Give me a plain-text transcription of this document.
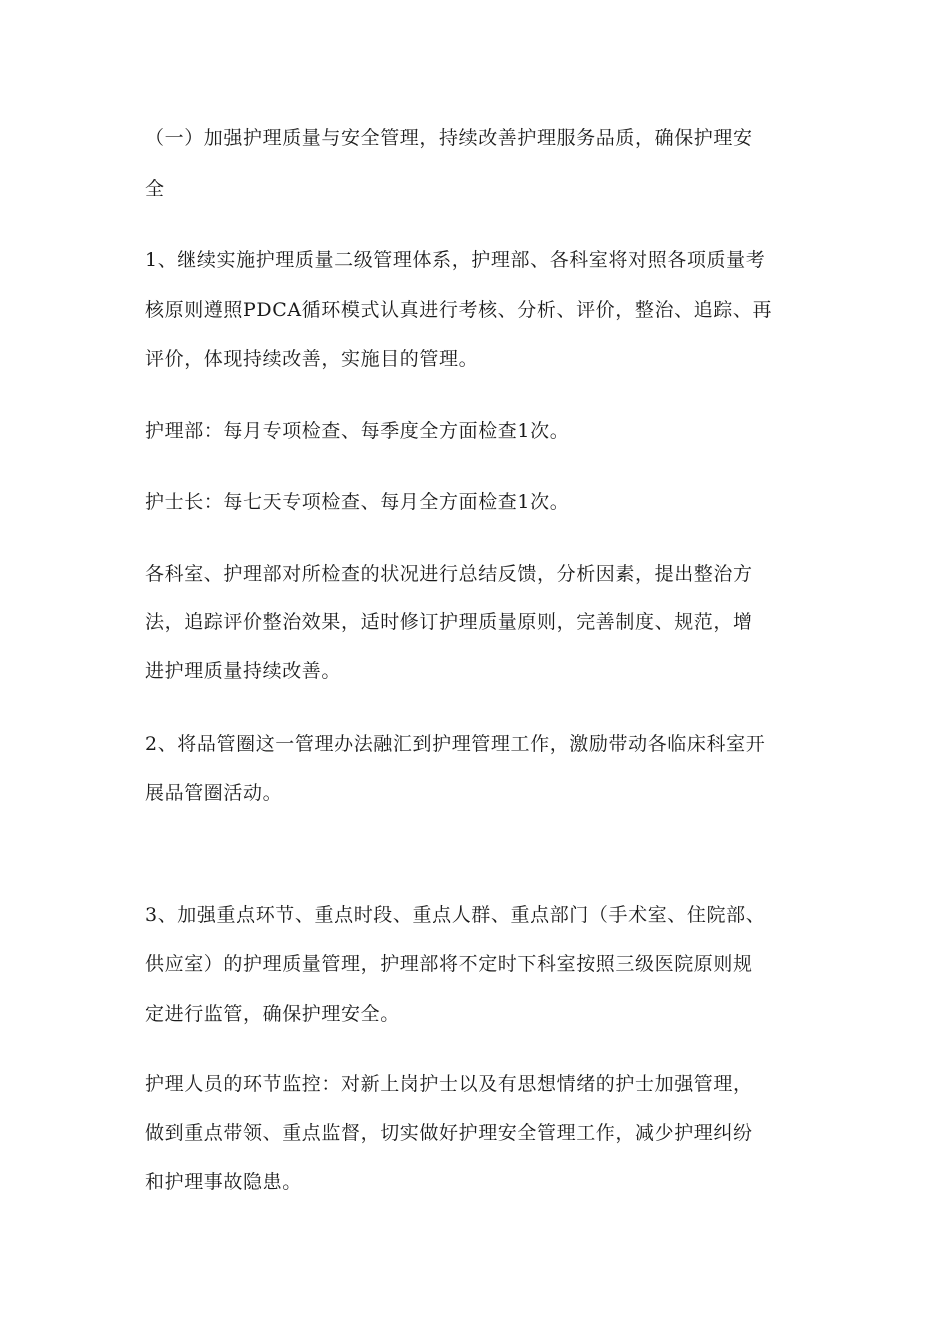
（一）加强护理质量与安全管理，持续改善护理服务品质，确保护理安

全

1、继续实施护理质量二级管理体系，护理部、各科室将对照各项质量考

核原则遵照PDCA循环模式认真进行考核、分析、评价，整治、追踪、再

评价，体现持续改善，实施目的管理。

护理部：每月专项检查、每季度全方面检查1次。

护士长：每七天专项检查、每月全方面检查1次。

各科室、护理部对所检查的状况进行总结反馈，分析因素，提出整治方

法，追踪评价整治效果，适时修订护理质量原则，完善制度、规范，增

进护理质量持续改善。

2、将品管圈这一管理办法融汇到护理管理工作，激励带动各临床科室开

展品管圈活动。

3、加强重点环节、重点时段、重点人群、重点部门（手术室、住院部、

供应室）的护理质量管理，护理部将不定时下科室按照三级医院原则规

定进行监管，确保护理安全。

护理人员的环节监控：对新上岗护士以及有思想情绪的护士加强管理，

做到重点带领、重点监督，切实做好护理安全管理工作，减少护理纠纷

和护理事故隐患。
